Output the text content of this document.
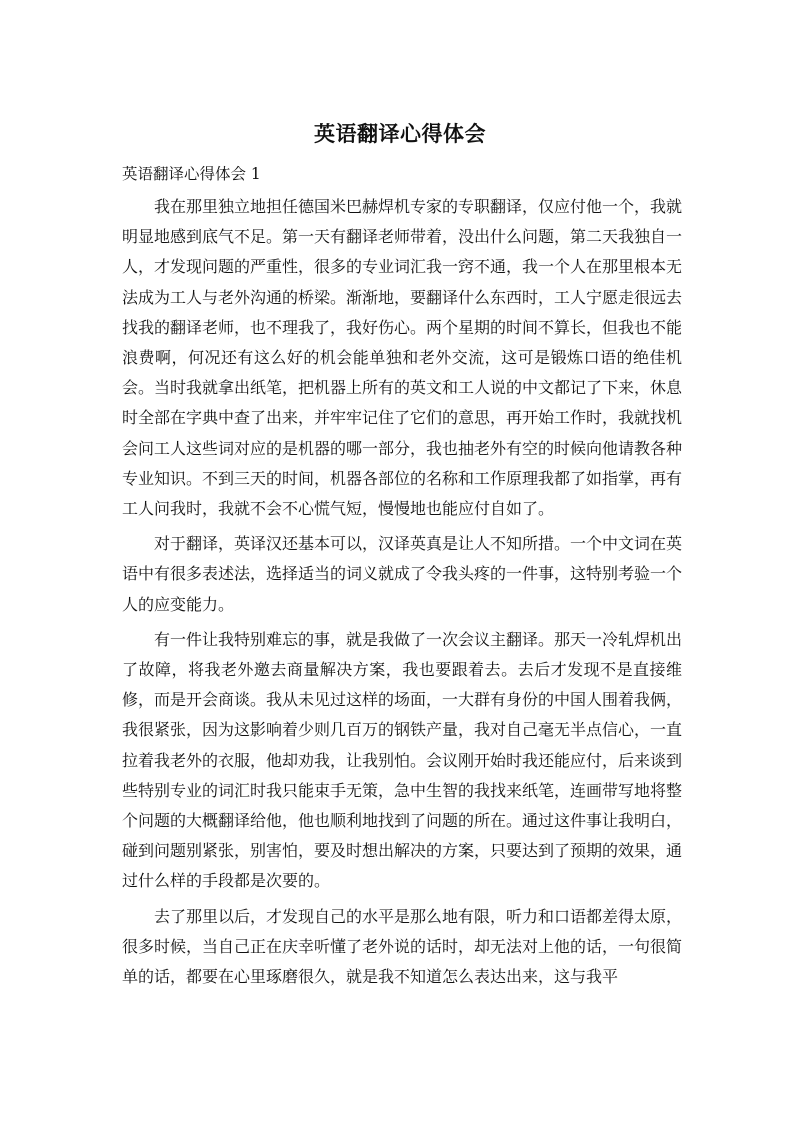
英语翻译心得体会
英语翻译心得体会 1

我在那里独立地担任德国米巴赫焊机专家的专职翻译，仅应付他一个，我就明显地感到底气不足。第一天有翻译老师带着，没出什么问题，第二天我独自一人，才发现问题的严重性，很多的专业词汇我一窍不通，我一个人在那里根本无法成为工人与老外沟通的桥梁。渐渐地，要翻译什么东西时，工人宁愿走很远去找我的翻译老师，也不理我了，我好伤心。两个星期的时间不算长，但我也不能浪费啊，何况还有这么好的机会能单独和老外交流，这可是锻炼口语的绝佳机会。当时我就拿出纸笔，把机器上所有的英文和工人说的中文都记了下来，休息时全部在字典中查了出来，并牢牢记住了它们的意思，再开始工作时，我就找机会问工人这些词对应的是机器的哪一部分，我也抽老外有空的时候向他请教各种专业知识。不到三天的时间，机器各部位的名称和工作原理我都了如指掌，再有工人问我时，我就不会不心慌气短，慢慢地也能应付自如了。

对于翻译，英译汉还基本可以，汉译英真是让人不知所措。一个中文词在英语中有很多表述法，选择适当的词义就成了令我头疼的一件事，这特别考验一个人的应变能力。

有一件让我特别难忘的事，就是我做了一次会议主翻译。那天一冷轧焊机出了故障，将我老外邀去商量解决方案，我也要跟着去。去后才发现不是直接维修，而是开会商谈。我从未见过这样的场面，一大群有身份的中国人围着我俩，我很紧张，因为这影响着少则几百万的钢铁产量，我对自己毫无半点信心，一直拉着我老外的衣服，他却劝我，让我别怕。会议刚开始时我还能应付，后来谈到些特别专业的词汇时我只能束手无策，急中生智的我找来纸笔，连画带写地将整个问题的大概翻译给他，他也顺利地找到了问题的所在。通过这件事让我明白，碰到问题别紧张，别害怕，要及时想出解决的方案，只要达到了预期的效果，通过什么样的手段都是次要的。

去了那里以后，才发现自己的水平是那么地有限，听力和口语都差得太原，很多时候，当自己正在庆幸听懂了老外说的话时，却无法对上他的话，一句很简单的话，都要在心里琢磨很久，就是我不知道怎么表达出来，这与我平
